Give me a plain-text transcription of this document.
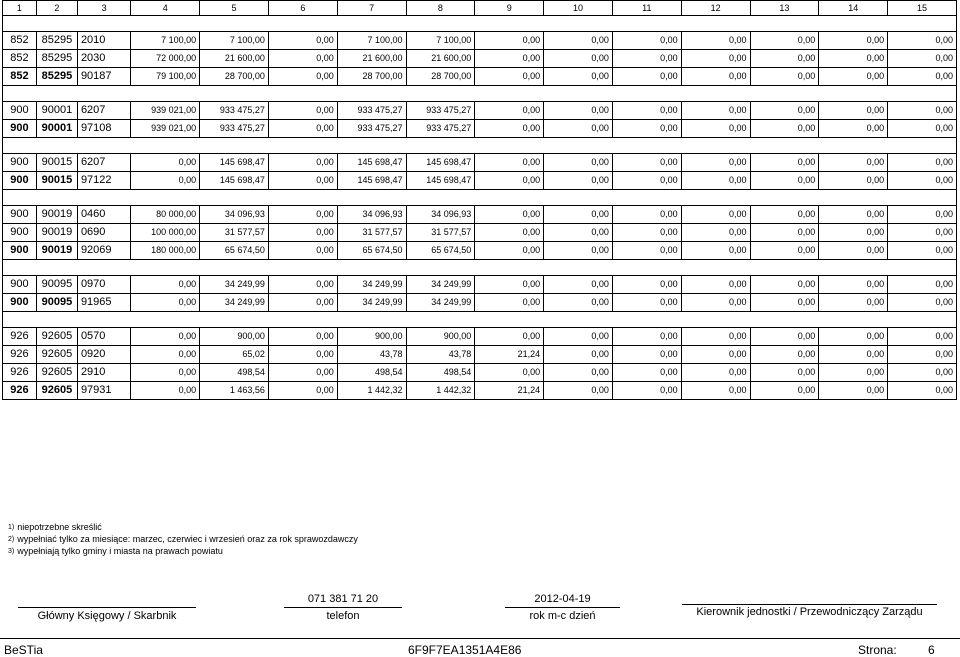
1	2	3	4	5	6	7	8	9	10	11	12	13	14	15

852	85295	2010	7 100,00	7 100,00	0,00	7 100,00	7 100,00	0,00	0,00	0,00	0,00	0,00	0,00	0,00
852	85295	2030	72 000,00	21 600,00	0,00	21 600,00	21 600,00	0,00	0,00	0,00	0,00	0,00	0,00	0,00
852	85295	90187	79 100,00	28 700,00	0,00	28 700,00	28 700,00	0,00	0,00	0,00	0,00	0,00	0,00	0,00

900	90001	6207	939 021,00	933 475,27	0,00	933 475,27	933 475,27	0,00	0,00	0,00	0,00	0,00	0,00	0,00
900	90001	97108	939 021,00	933 475,27	0,00	933 475,27	933 475,27	0,00	0,00	0,00	0,00	0,00	0,00	0,00

900	90015	6207	0,00	145 698,47	0,00	145 698,47	145 698,47	0,00	0,00	0,00	0,00	0,00	0,00	0,00
900	90015	97122	0,00	145 698,47	0,00	145 698,47	145 698,47	0,00	0,00	0,00	0,00	0,00	0,00	0,00

900	90019	0460	80 000,00	34 096,93	0,00	34 096,93	34 096,93	0,00	0,00	0,00	0,00	0,00	0,00	0,00
900	90019	0690	100 000,00	31 577,57	0,00	31 577,57	31 577,57	0,00	0,00	0,00	0,00	0,00	0,00	0,00
900	90019	92069	180 000,00	65 674,50	0,00	65 674,50	65 674,50	0,00	0,00	0,00	0,00	0,00	0,00	0,00

900	90095	0970	0,00	34 249,99	0,00	34 249,99	34 249,99	0,00	0,00	0,00	0,00	0,00	0,00	0,00
900	90095	91965	0,00	34 249,99	0,00	34 249,99	34 249,99	0,00	0,00	0,00	0,00	0,00	0,00	0,00

926	92605	0570	0,00	900,00	0,00	900,00	900,00	0,00	0,00	0,00	0,00	0,00	0,00	0,00
926	92605	0920	0,00	65,02	0,00	43,78	43,78	21,24	0,00	0,00	0,00	0,00	0,00	0,00
926	92605	2910	0,00	498,54	0,00	498,54	498,54	0,00	0,00	0,00	0,00	0,00	0,00	0,00
926	92605	97931	0,00	1 463,56	0,00	1 442,32	1 442,32	21,24	0,00	0,00	0,00	0,00	0,00	0,00
$^{1)}$ niepotrzebne skreślić
$^{2)}$ wypełniać tylko za miesiące: marzec, czerwiec i wrzesień oraz za rok sprawozdawczy
$^{3)}$ wypełniają tylko gminy i miasta na prawach powiatu
Główny Księgowy / Skarbnik
071 381 71 20
telefon
2012-04-19
rok m-c dzień	Kierownik jednostki / Przewodniczący Zarządu
BeSTia	6F9F7EA1351A4E86	Strona:	6
